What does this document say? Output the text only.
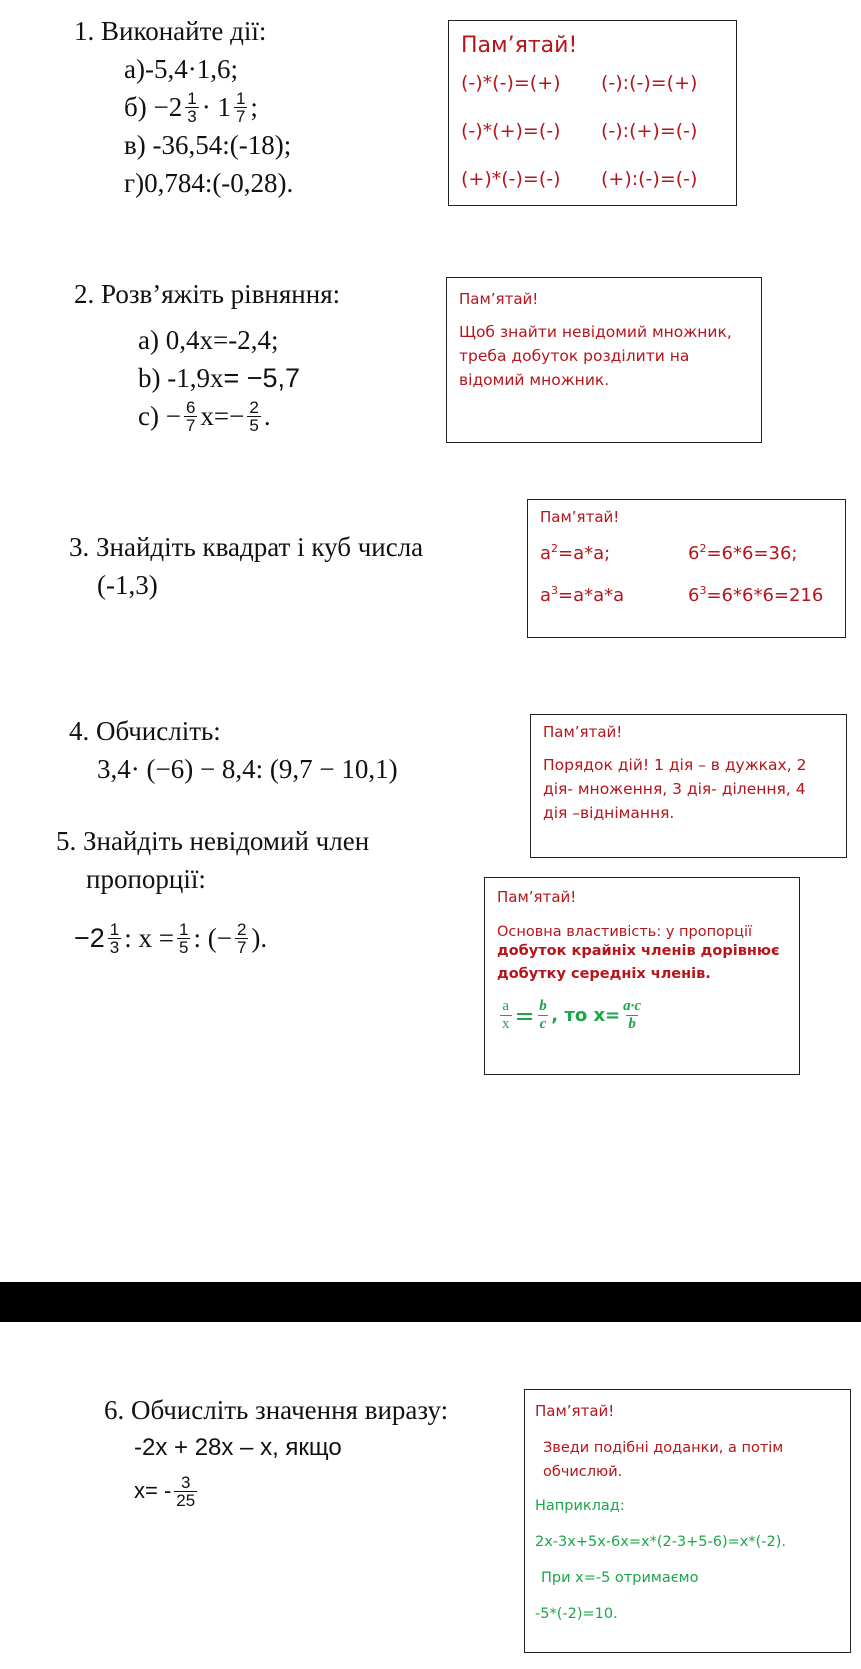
1. Виконайте дії:
а)-5,4·1,6;
$б) -2 \frac{1}{3} \cdot 1 \frac{1}{7}$ ;
в) -36,54:(-18);
г)0,784:(-0,28).
Пам’ятай!
(-)*(-)=(+)	(-):(-)=(+)
(-)*(+)=(-)	(-):(+)=(-)
(+)*(-)=(-)	(+):(-)=(-)
2. Розв’яжіть рівняння:
а) 0,4х=-2,4;
b) -1,9х = −5,7
$с) - \frac{6}{7} х=- \frac{2}{5}$ .
Пам’ятай!
Щоб знайти невідомий множник, треба добуток розділити на відомий множник.
3. Знайдіть квадрат і куб числа
(-1,3)
Пам’ятай!
$a^2=a*a$;	$6^2=6*6=36$;
$a^3=a*a*a$	$6^3=6*6*6=216$
4. Обчисліть:
3,4· (−6) − 8,4: (9,7 − 10,1)
Пам’ятай!
Порядок дій! 1 дія – в дужках, 2 дія- множення, 3 дія- ділення, 4 дія –віднімання.
5. Знайдіть невідомий член
пропорції:
$-2 \frac{1}{3}$ : $х = \frac{1}{5}$ : (− $\frac{2}{7}$ ).
Пам’ятай!
Основна властивість: у пропорції
добуток крайніх членів дорівнює добутку середніх членів.
$\frac{a}{x} = \frac{b}{c}$ , то $х= \frac{a\cdot c}{b}$
6. Обчисліть значення виразу:
-2x + 28x – x, якщо
$x= - \frac{3}{25}$
Пам’ятай!
Зведи подібні доданки, а потім обчислюй.
Наприклад:
2x-3x+5x-6x=x*(2-3+5-6)=x*(-2).
При х=-5 отримаємо
-5*(-2)=10.
